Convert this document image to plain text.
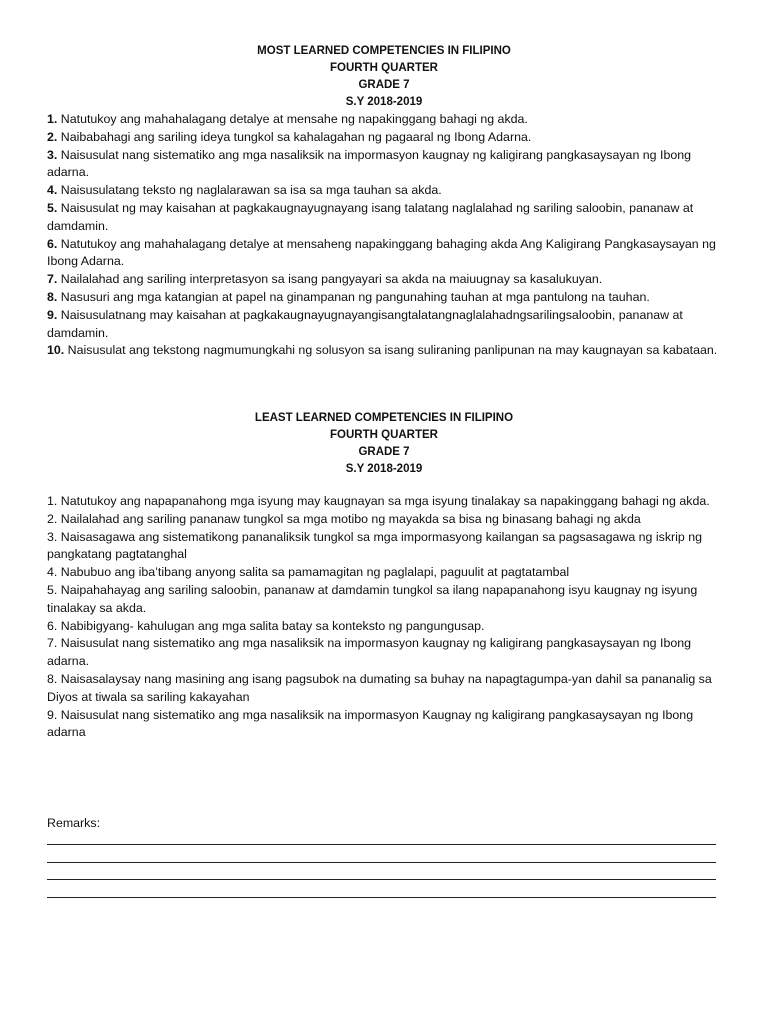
MOST LEARNED COMPETENCIES IN FILIPINO
FOURTH QUARTER
GRADE 7
S.Y 2018-2019
1. Natutukoy ang mahahalagang detalye at mensahe ng napakinggang bahagi ng akda.
2. Naibabahagi ang sariling ideya tungkol sa kahalagahan ng pagaaral ng Ibong Adarna.
3. Naisusulat nang sistematiko ang mga nasaliksik na impormasyon kaugnay ng kaligirang pangkasaysayan ng Ibong adarna.
4. Naisusulatang teksto ng naglalarawan sa isa sa mga tauhan sa akda.
5. Naisusulat ng may kaisahan at pagkakaugnayugnayang isang talatang naglalahad ng sariling saloobin, pananaw at damdamin.
6. Natutukoy ang mahahalagang detalye at mensaheng napakinggang bahaging akda Ang Kaligirang Pangkasaysayan ng Ibong Adarna.
7. Nailalahad ang sariling interpretasyon sa isang pangyayari sa akda na maiuugnay sa kasalukuyan.
8. Nasusuri ang mga katangian at papel na ginampanan ng pangunahing tauhan at mga pantulong na tauhan.
9. Naisusulatnang may kaisahan at pagkakaugnayugnayangisangtalatangnaglalahadngsarilingsaloobin, pananaw at damdamin.
10. Naisusulat ang tekstong nagmumungkahi ng solusyon sa isang suliraning panlipunan na may kaugnayan sa kabataan.
LEAST LEARNED COMPETENCIES IN FILIPINO
FOURTH QUARTER
GRADE 7
S.Y 2018-2019
1. Natutukoy ang napapanahong mga isyung may kaugnayan sa mga isyung tinalakay sa napakinggang bahagi ng akda.
2. Nailalahad ang sariling pananaw tungkol sa mga motibo ng mayakda sa bisa ng binasang bahagi ng akda
3. Naisasagawa ang sistematikong pananaliksik tungkol sa mga impormasyong kailangan sa pagsasagawa ng iskrip ng pangkatang pagtatanghal
4. Nabubuo ang iba’tibang anyong salita sa pamamagitan ng paglalapi, paguulit at pagtatambal
5. Naipahahayag ang sariling saloobin, pananaw at damdamin tungkol sa ilang napapanahong isyu kaugnay ng isyung tinalakay sa akda.
6. Nabibigyang- kahulugan ang mga salita batay sa konteksto ng pangungusap.
7. Naisusulat nang sistematiko ang mga nasaliksik na impormasyon kaugnay ng kaligirang pangkasaysayan ng Ibong adarna.
8. Naisasalaysay nang masining ang isang pagsubok na dumating sa buhay na napagtagumpa-yan dahil sa pananalig sa Diyos at tiwala sa sariling kakayahan
9. Naisusulat nang sistematiko ang mga nasaliksik na impormasyon Kaugnay ng kaligirang pangkasaysayan ng Ibong adarna

Remarks:
